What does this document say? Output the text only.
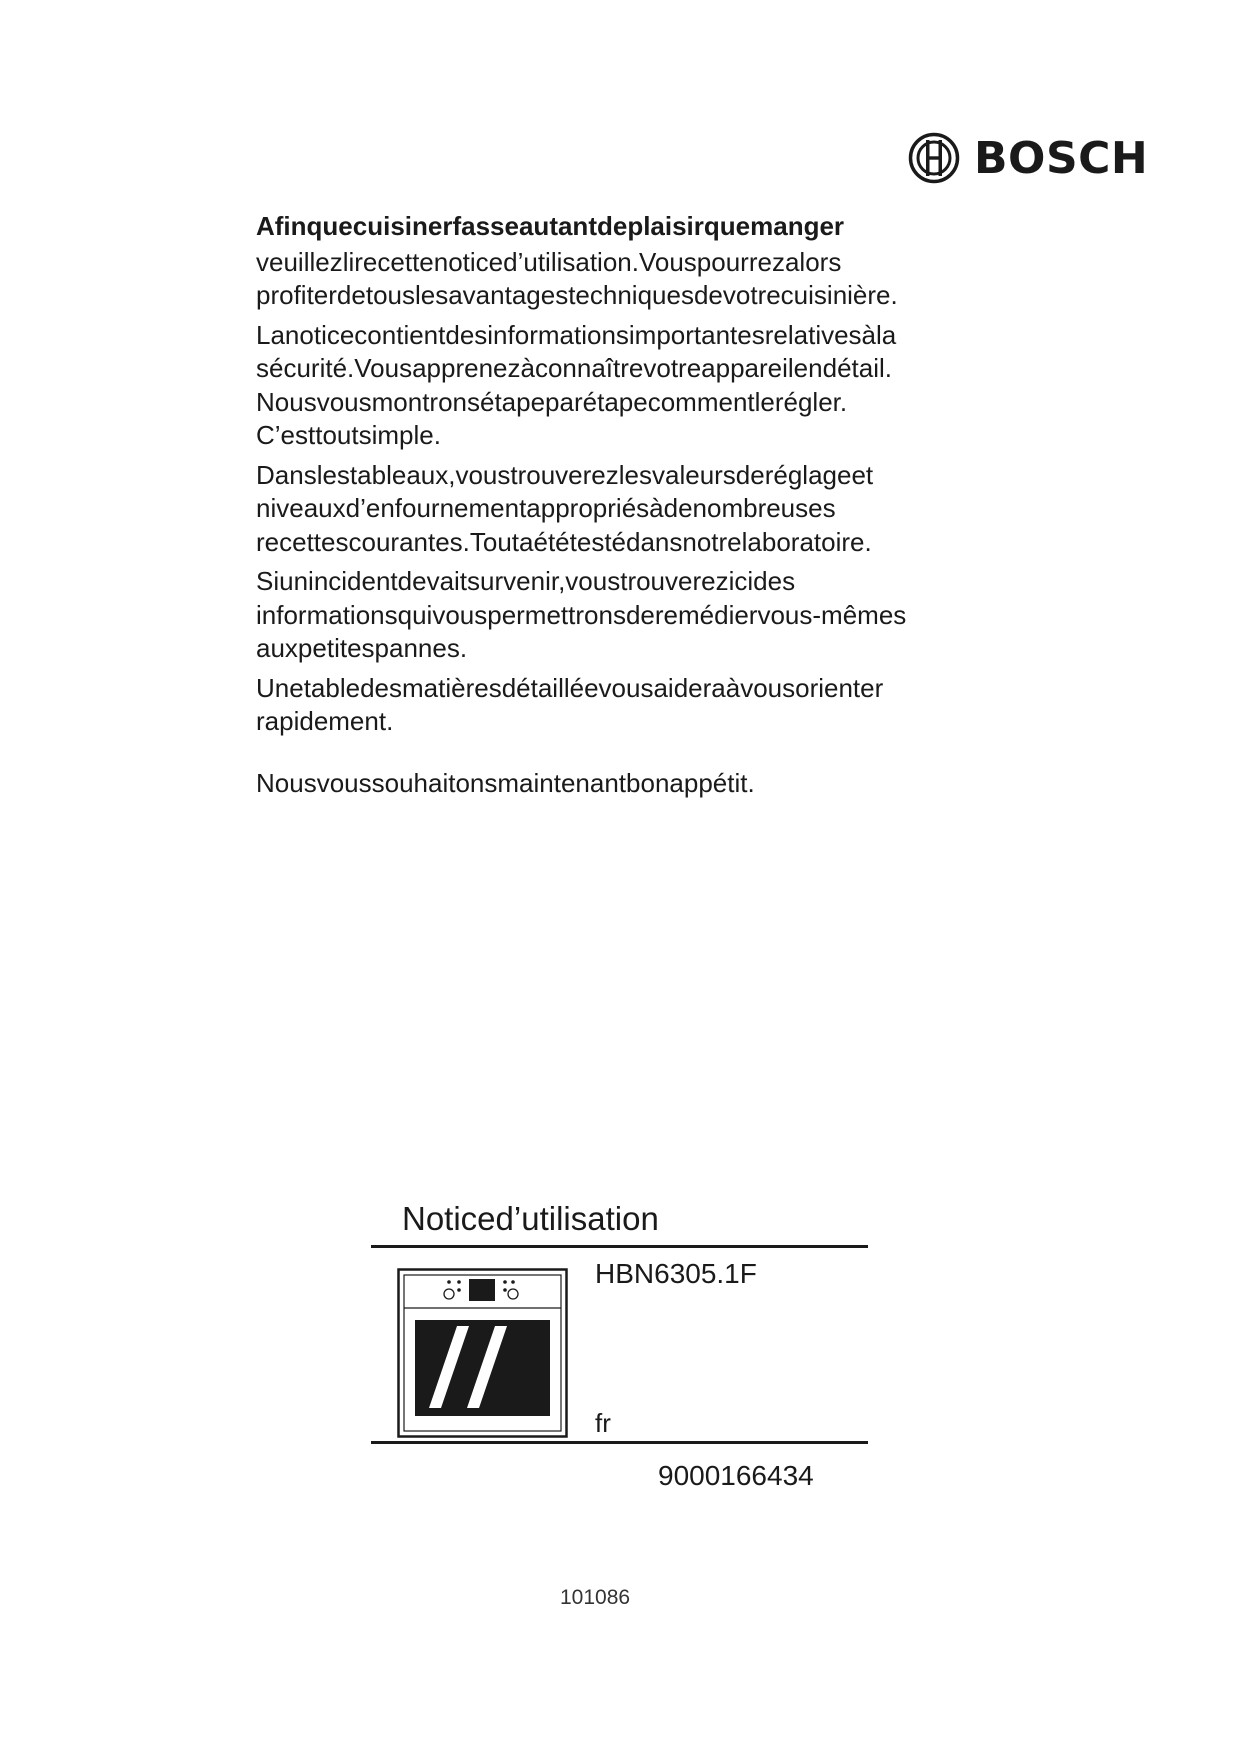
BOSCH

Afinquecuisinerfasseautantdeplaisirquemanger

veuillezlirecettenoticed’utilisation.Vouspourrezalors profiterdetouslesavantagestechniquesdevotrecuisinière.

Lanoticecontientdesinformationsimportantesrelativesàla sécurité.Vousapprenezàconnaîtrevotreappareilendétail. Nousvousmontronsétapeparétapecommentlerégler. C’esttoutsimple.

Danslestableaux,voustrouverezlesvaleursderéglageet niveauxd’enfournementappropriésàdenombreuses recettescourantes.Toutaététestédansnotrelaboratoire.

Siunincidentdevaitsurvenir,voustrouverezicides informationsquivouspermettronsderemédiervous-mêmes auxpetitespannes.

Unetabledesmatièresdétailléevousaideraàvousorienter rapidement.

Nousvoussouhaitonsmaintenantbonappétit.

Noticed’utilisation
HBN6305.1F
fr
9000166434
101086
